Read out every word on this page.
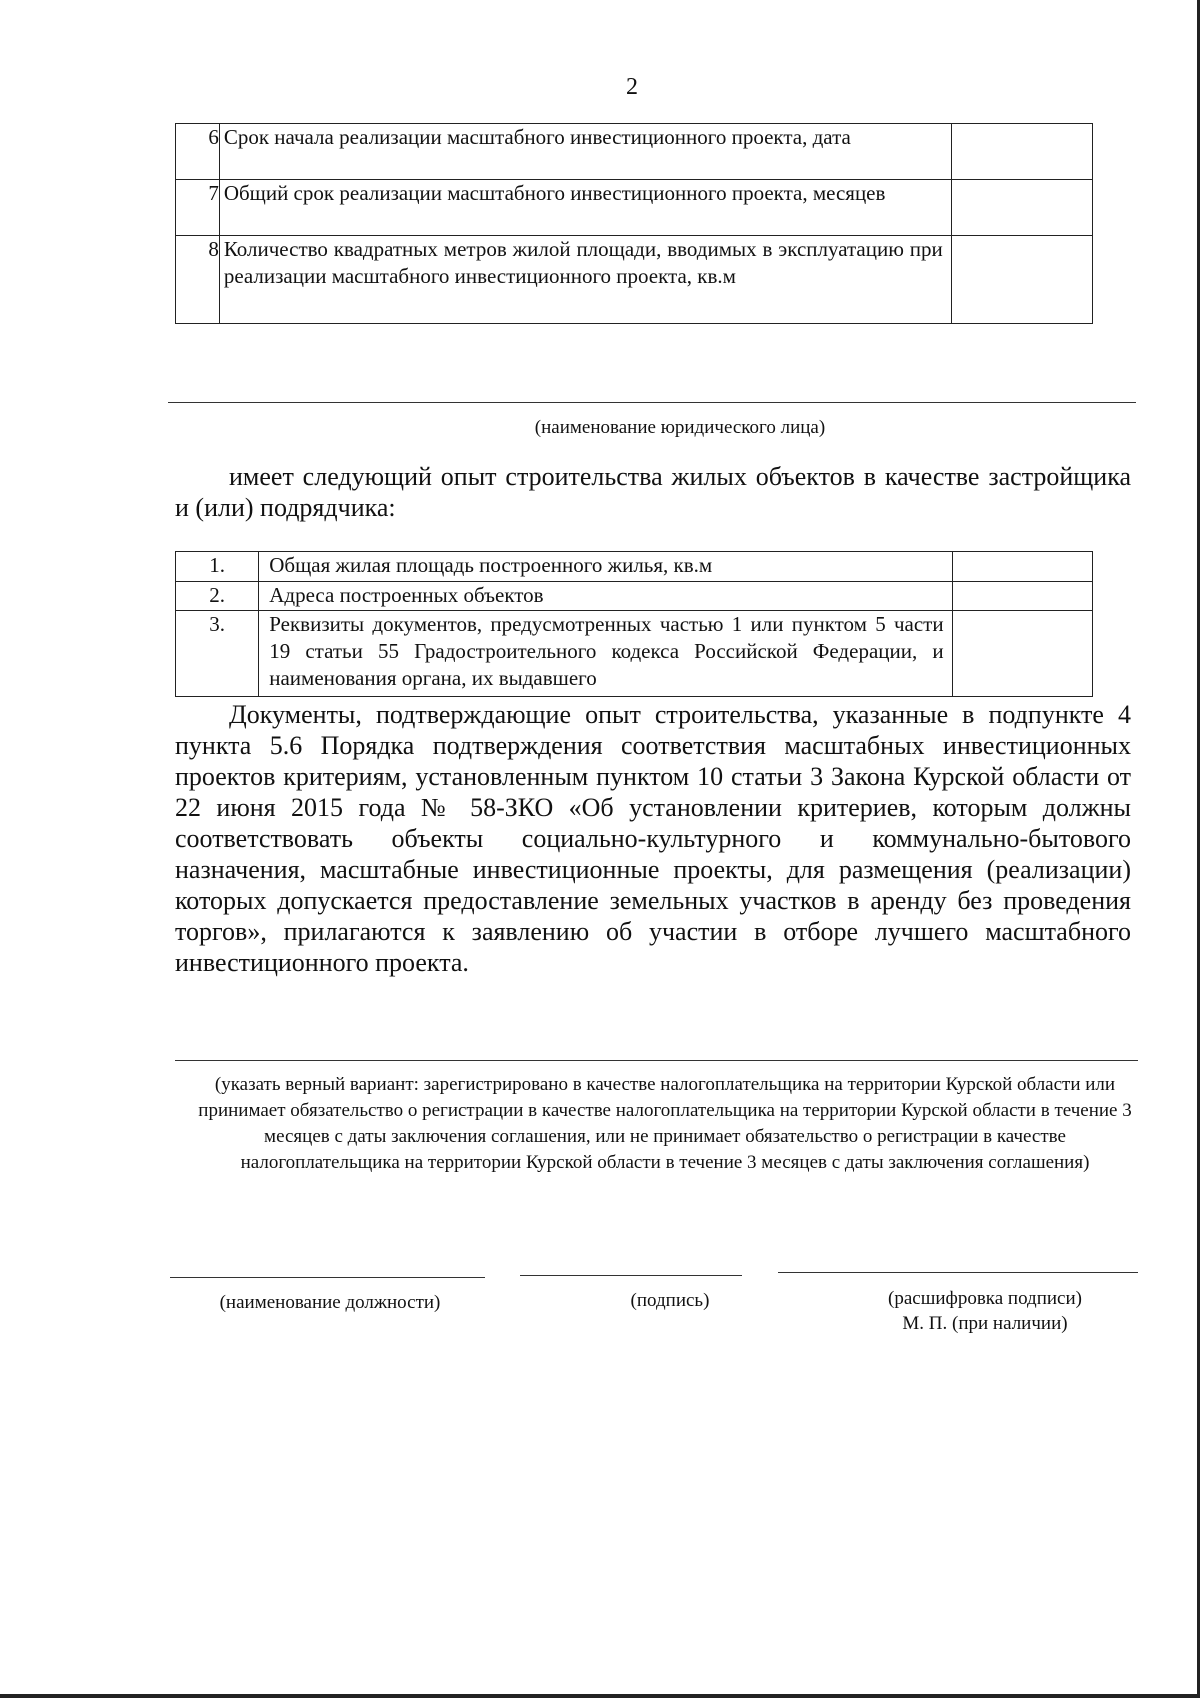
2
6	Срок начала реализации масштабного инвестиционного проекта, дата	
7	Общий срок реализации масштабного инвестиционного проекта, месяцев	
8	Количество квадратных метров жилой площади, вводимых в эксплуатацию при реализации масштабного инвестиционного проекта, кв.м	
(наименование юридического лица)
имеет следующий опыт строительства жилых объектов в качестве застройщика и (или) подрядчика:
1.	Общая жилая площадь построенного жилья, кв.м	
2.	Адреса построенных объектов	
3.	Реквизиты документов, предусмотренных частью 1 или пунктом 5 части 19 статьи 55 Градостроительного кодекса Российской Федерации, и наименования органа, их выдавшего	
Документы, подтверждающие опыт строительства, указанные в подпункте 4 пункта 5.6 Порядка подтверждения соответствия масштабных инвестиционных проектов критериям, установленным пунктом 10 статьи 3 Закона Курской области от 22 июня 2015 года № 58-ЗКО «Об установлении критериев, которым должны соответствовать объекты социально-культурного и коммунально-бытового назначения, масштабные инвестиционные проекты, для размещения (реализации) которых допускается предоставление земельных участков в аренду без проведения торгов», прилагаются к заявлению об участии в отборе лучшего масштабного инвестиционного проекта.
(указать верный вариант: зарегистрировано в качестве налогоплательщика на территории Курской области или принимает обязательство о регистрации в качестве налогоплательщика на территории Курской области в течение 3 месяцев с даты заключения соглашения, или не принимает обязательство о регистрации в качестве налогоплательщика на территории Курской области в течение 3 месяцев с даты заключения соглашения)
(наименование должности)	(подпись)	(расшифровка подписи)
М. П. (при наличии)
